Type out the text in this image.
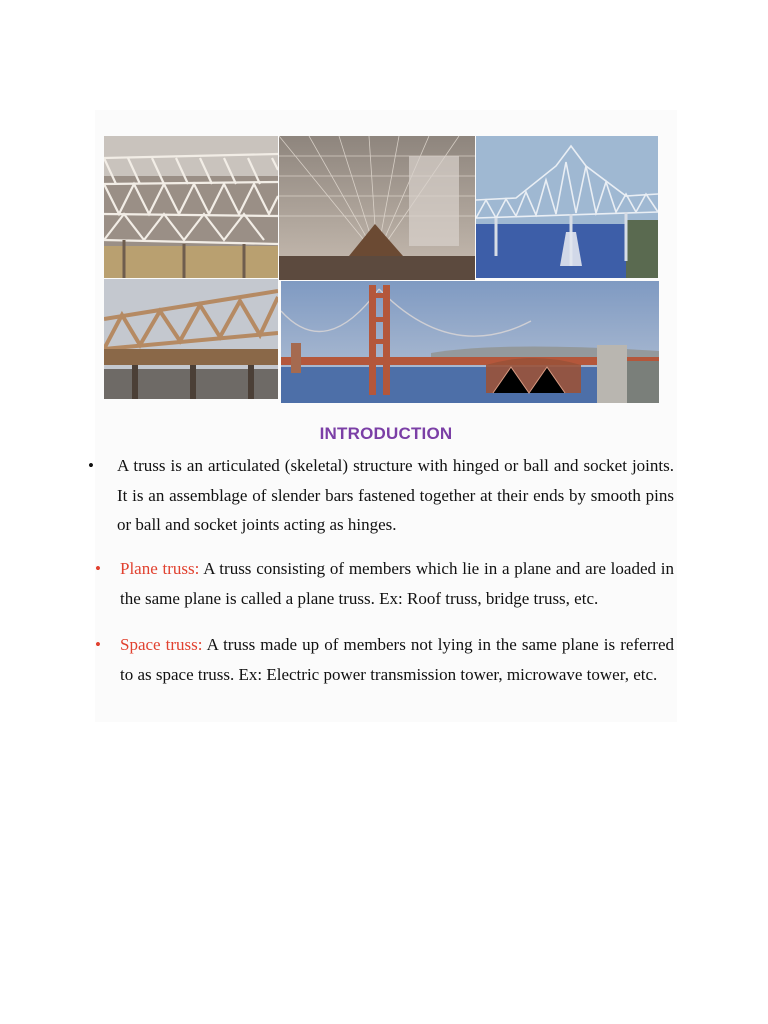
INTRODUCTION
•	A truss is an articulated (skeletal) structure with hinged or ball and socket joints. It is an assemblage of slender bars fastened together at their ends by smooth pins or ball and socket joints acting as hinges.
•	Plane truss: A truss consisting of members which lie in a plane and are loaded in the same plane is called a plane truss. Ex: Roof truss, bridge truss, etc.
•	Space truss: A truss made up of members not lying in the same plane is referred to as space truss. Ex: Electric power transmission tower, microwave tower, etc.
